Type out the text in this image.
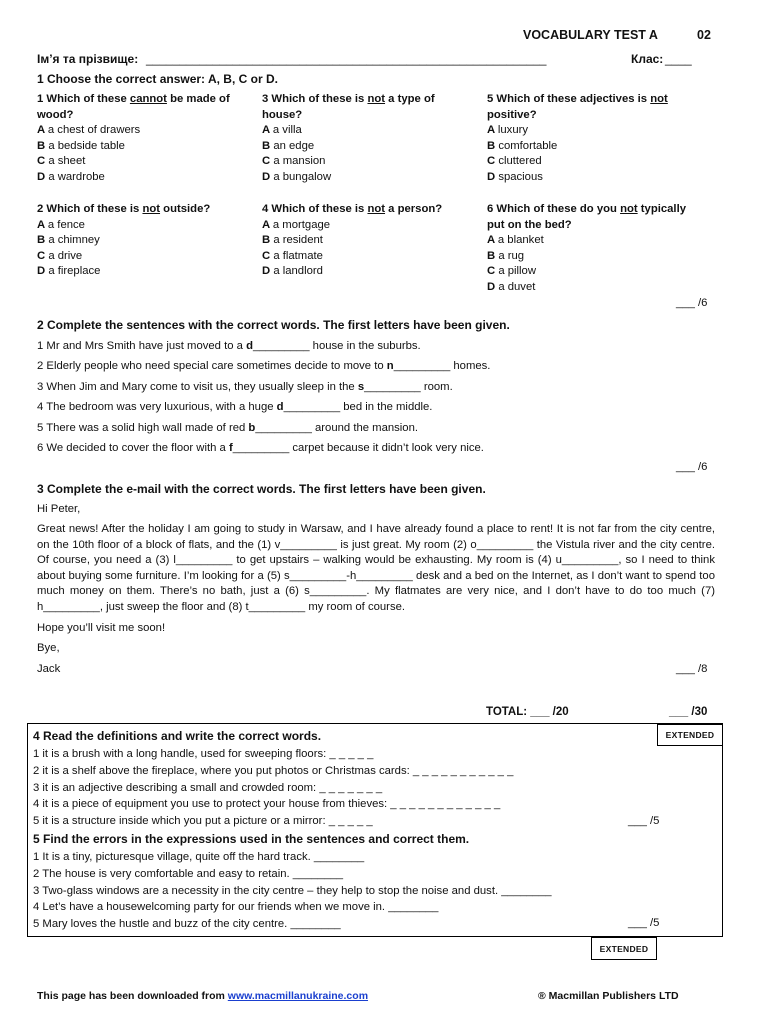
VOCABULARY TEST A	02
Ім’я та прізвище: ____________________________________________________________	Клас: ____
1 Choose the correct answer: A, B, C or D.
1 Which of these cannot be made of wood?
A a chest of drawers
B a bedside table
C a sheet
D a wardrobe
3 Which of these is not a type of house?
A a villa
B an edge
C a mansion
D a bungalow
5 Which of these adjectives is not positive?
A luxury
B comfortable
C cluttered
D spacious
2 Which of these is not outside?
A a fence
B a chimney
C a drive
D a fireplace
4 Which of these is not a person?
A a mortgage
B a resident
C a flatmate
D a landlord
6 Which of these do you not typically put on the bed?
A a blanket
B a rug
C a pillow
D a duvet
___ /6
2 Complete the sentences with the correct words. The first letters have been given.
1 Mr and Mrs Smith have just moved to a d_________ house in the suburbs.
2 Elderly people who need special care sometimes decide to move to n_________ homes.
3 When Jim and Mary come to visit us, they usually sleep in the s_________ room.
4 The bedroom was very luxurious, with a huge d_________ bed in the middle.
5 There was a solid high wall made of red b_________ around the mansion.
6 We decided to cover the floor with a f_________ carpet because it didn’t look very nice.
___ /6
3 Complete the e-mail with the correct words. The first letters have been given.
Hi Peter,
Great news! After the holiday I am going to study in Warsaw, and I have already found a place to rent! It is not far from the city centre, on the 10th floor of a block of flats, and the (1) v_________ is just great. My room (2) o_________ the Vistula river and the city centre. Of course, you need a (3) l_________ to get upstairs – walking would be exhausting. My room is (4) u_________, so I need to think about buying some furniture. I’m looking for a (5) s_________-h_________ desk and a bed on the Internet, as I don’t want to spend too much money on them. There’s no bath, just a (6) s_________. My flatmates are very nice, and I don’t have to do too much (7) h_________, just sweep the floor and (8) t_________ my room of course.
Hope you’ll visit me soon!
Bye,
Jack	___ /8
TOTAL: ___ /20	___ /30
EXTENDED
4 Read the definitions and write the correct words.
1 it is a brush with a long handle, used for sweeping floors: _ _ _ _ _
2 it is a shelf above the fireplace, where you put photos or Christmas cards: _ _ _ _ _ _ _ _ _ _ _
3 it is an adjective describing a small and crowded room: _ _ _ _ _ _ _
4 it is a piece of equipment you use to protect your house from thieves: _ _ _ _ _ _ _ _ _ _ _ _
5 it is a structure inside which you put a picture or a mirror: _ _ _ _ _	___ /5
5 Find the errors in the expressions used in the sentences and correct them.
1 It is a tiny, picturesque village, quite off the hard track. ________
2 The house is very comfortable and easy to retain. ________
3 Two-glass windows are a necessity in the city centre – they help to stop the noise and dust. ________
4 Let’s have a housewelcoming party for our friends when we move in. ________
5 Mary loves the hustle and buzz of the city centre. ________	___ /5
EXTENDED
This page has been downloaded from www.macmillanukraine.com	® Macmillan Publishers LTD
